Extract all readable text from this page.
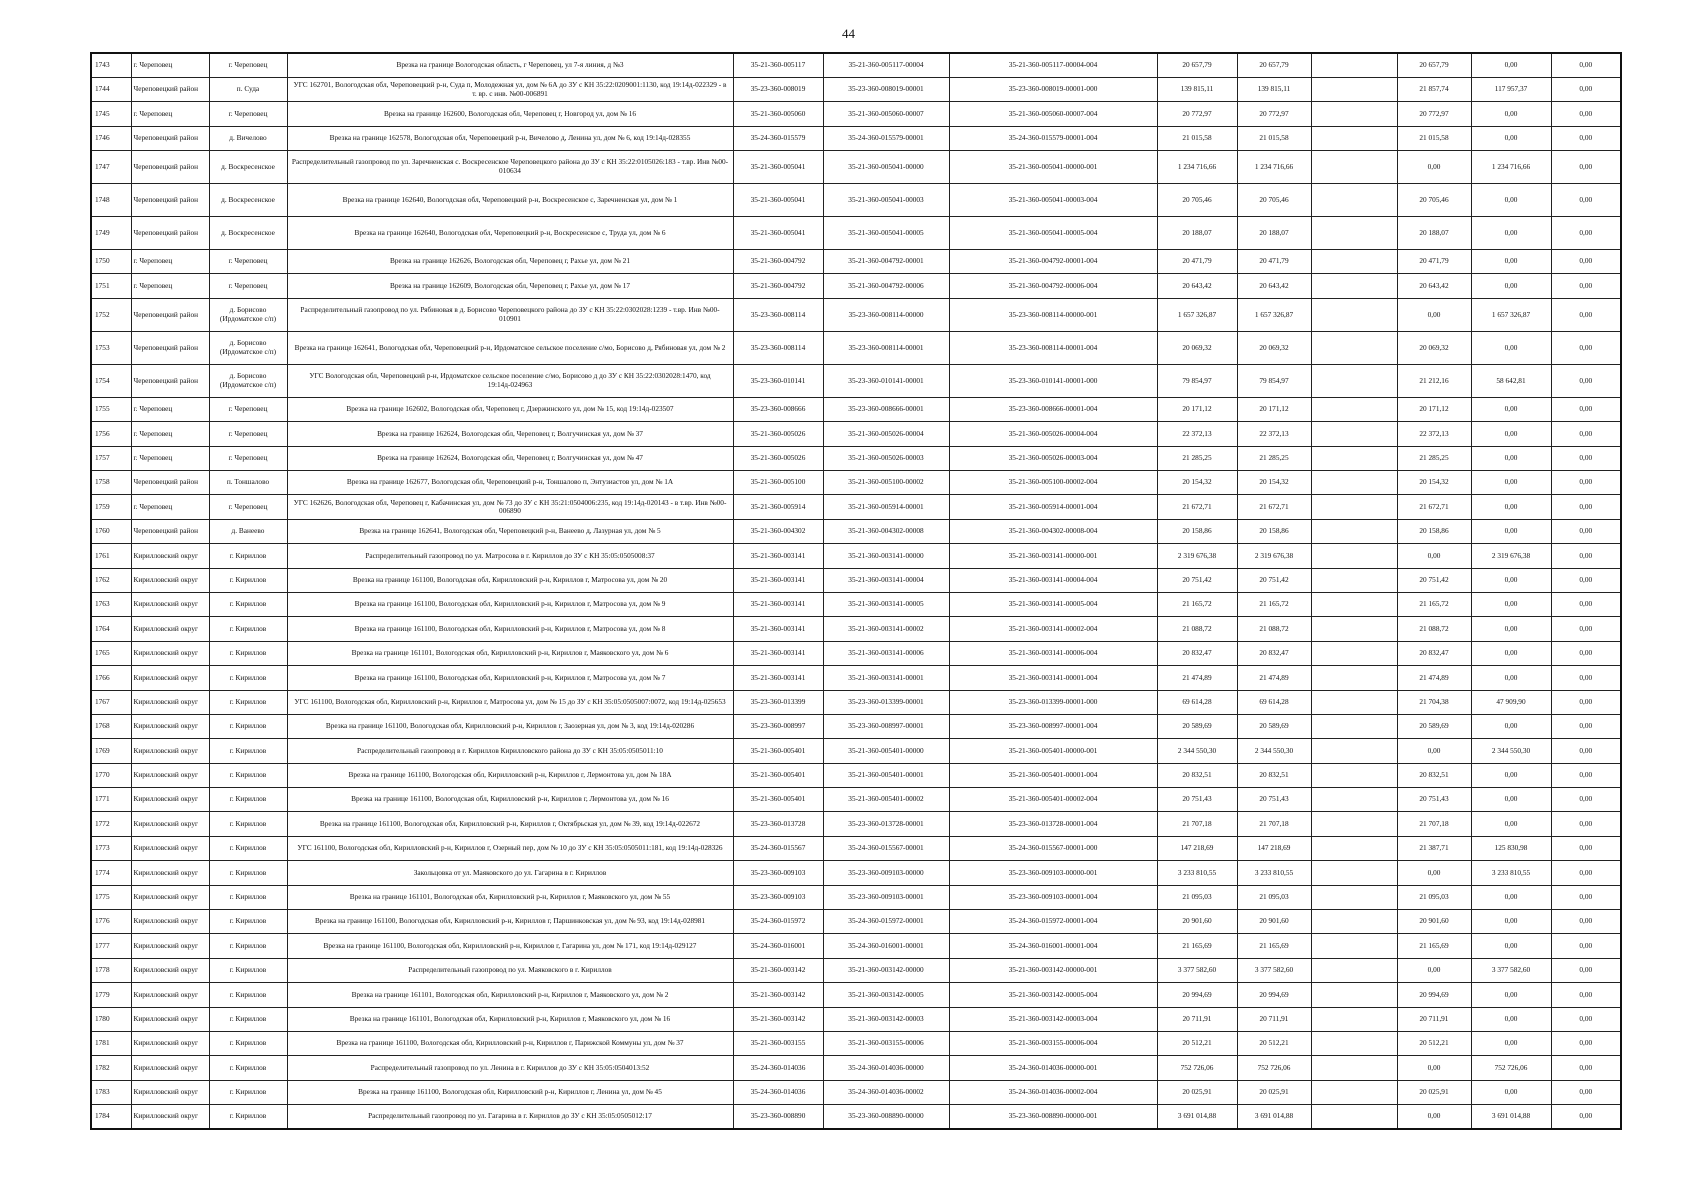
44
1743	г. Череповец	г. Череповец	Врезка на границе Вологодская область, г Череповец, ул 7-я линия, д №3	35-21-360-005117	35-21-360-005117-00004	35-21-360-005117-00004-004	20 657,79	20 657,79		20 657,79	0,00	0,00
1744	Череповецкий район	п. Суда	УГС 162701, Вологодская обл, Череповецкий р-н, Суда п, Молодежная ул, дом № 6А до ЗУ с КН 35:22:0209001:1130, код 19:14д-022329 - в т. вр. с инв. №00-006891	35-23-360-008019	35-23-360-008019-00001	35-23-360-008019-00001-000	139 815,11	139 815,11		21 857,74	117 957,37	0,00
1745	г. Череповец	г. Череповец	Врезка на границе 162600, Вологодская обл, Череповец г, Новгород ул, дом № 16	35-21-360-005060	35-21-360-005060-00007	35-21-360-005060-00007-004	20 772,97	20 772,97		20 772,97	0,00	0,00
1746	Череповецкий район	д. Вичелово	Врезка на границе 162578, Вологодская обл, Череповецкий р-н, Вичелово д, Ленина ул, дом № 6, код 19:14д-028355	35-24-360-015579	35-24-360-015579-00001	35-24-360-015579-00001-004	21 015,58	21 015,58		21 015,58	0,00	0,00
1747	Череповецкий район	д. Воскресенское	Распределительный газопровод по ул. Заречненская с. Воскресенское Череповецкого района до ЗУ с КН 35:22:0105026:183 - т.вр. Инв №00-010634	35-21-360-005041	35-21-360-005041-00000	35-21-360-005041-00000-001	1 234 716,66	1 234 716,66		0,00	1 234 716,66	0,00
1748	Череповецкий район	д. Воскресенское	Врезка на границе 162640, Вологодская обл, Череповецкий р-н, Воскресенское с, Заречненская ул, дом № 1	35-21-360-005041	35-21-360-005041-00003	35-21-360-005041-00003-004	20 705,46	20 705,46		20 705,46	0,00	0,00
1749	Череповецкий район	д. Воскресенское	Врезка на границе 162640, Вологодская обл, Череповецкий р-н, Воскресенское с, Труда ул, дом № 6	35-21-360-005041	35-21-360-005041-00005	35-21-360-005041-00005-004	20 188,07	20 188,07		20 188,07	0,00	0,00
1750	г. Череповец	г. Череповец	Врезка на границе 162626, Вологодская обл, Череповец г, Рахье ул, дом № 21	35-21-360-004792	35-21-360-004792-00001	35-21-360-004792-00001-004	20 471,79	20 471,79		20 471,79	0,00	0,00
1751	г. Череповец	г. Череповец	Врезка на границе 162609, Вологодская обл, Череповец г, Рахье ул, дом № 17	35-21-360-004792	35-21-360-004792-00006	35-21-360-004792-00006-004	20 643,42	20 643,42		20 643,42	0,00	0,00
1752	Череповецкий район	д. Борисово (Ирдоматское с/п)	Распределительный газопровод по ул. Рябиновая в д. Борисово Череповецкого района до ЗУ с КН 35:22:0302028:1239 - т.вр. Инв №00-010901	35-23-360-008114	35-23-360-008114-00000	35-23-360-008114-00000-001	1 657 326,87	1 657 326,87		0,00	1 657 326,87	0,00
1753	Череповецкий район	д. Борисово (Ирдоматское с/п)	Врезка на границе 162641, Вологодская обл, Череповецкий р-н, Ирдоматское сельское поселение с/мо, Борисово д, Рябиновая ул, дом № 2	35-23-360-008114	35-23-360-008114-00001	35-23-360-008114-00001-004	20 069,32	20 069,32		20 069,32	0,00	0,00
1754	Череповецкий район	д. Борисово (Ирдоматское с/п)	УГС Вологодская обл, Череповецкий р-н, Ирдоматское сельское поселение с/мо, Борисово д до ЗУ с КН 35:22:0302028:1470, код 19:14д-024963	35-23-360-010141	35-23-360-010141-00001	35-23-360-010141-00001-000	79 854,97	79 854,97		21 212,16	58 642,81	0,00
1755	г. Череповец	г. Череповец	Врезка на границе 162602, Вологодская обл, Череповец г, Дзержинского ул, дом № 15, код 19:14д-023507	35-23-360-008666	35-23-360-008666-00001	35-23-360-008666-00001-004	20 171,12	20 171,12		20 171,12	0,00	0,00
1756	г. Череповец	г. Череповец	Врезка на границе 162624, Вологодская обл, Череповец г, Волгучинская ул, дом № 37	35-21-360-005026	35-21-360-005026-00004	35-21-360-005026-00004-004	22 372,13	22 372,13		22 372,13	0,00	0,00
1757	г. Череповец	г. Череповец	Врезка на границе 162624, Вологодская обл, Череповец г, Волгучинская ул, дом № 47	35-21-360-005026	35-21-360-005026-00003	35-21-360-005026-00003-004	21 285,25	21 285,25		21 285,25	0,00	0,00
1758	Череповецкий район	п. Тоншалово	Врезка на границе 162677, Вологодская обл, Череповецкий р-н, Тоншалово п, Энтузиастов ул, дом № 1А	35-21-360-005100	35-21-360-005100-00002	35-21-360-005100-00002-004	20 154,32	20 154,32		20 154,32	0,00	0,00
1759	г. Череповец	г. Череповец	УГС 162626, Вологодская обл, Череповец г, Кабачинская ул, дом № 73 до ЗУ с КН 35:21:0504006:235, код 19:14д-020143 - в т.вр. Инв №00-006890	35-21-360-005914	35-21-360-005914-00001	35-21-360-005914-00001-004	21 672,71	21 672,71		21 672,71	0,00	0,00
1760	Череповецкий район	д. Ванеево	Врезка на границе 162641, Вологодская обл, Череповецкий р-н, Ванеево д, Лазурная ул, дом № 5	35-21-360-004302	35-21-360-004302-00008	35-21-360-004302-00008-004	20 158,86	20 158,86		20 158,86	0,00	0,00
1761	Кирилловский округ	г. Кириллов	Распределительный газопровод по ул. Матросова в г. Кириллов до ЗУ с КН 35:05:0505008:37	35-21-360-003141	35-21-360-003141-00000	35-21-360-003141-00000-001	2 319 676,38	2 319 676,38		0,00	2 319 676,38	0,00
1762	Кирилловский округ	г. Кириллов	Врезка на границе 161100, Вологодская обл, Кирилловский р-н, Кириллов г, Матросова ул, дом № 20	35-21-360-003141	35-21-360-003141-00004	35-21-360-003141-00004-004	20 751,42	20 751,42		20 751,42	0,00	0,00
1763	Кирилловский округ	г. Кириллов	Врезка на границе 161100, Вологодская обл, Кирилловский р-н, Кириллов г, Матросова ул, дом № 9	35-21-360-003141	35-21-360-003141-00005	35-21-360-003141-00005-004	21 165,72	21 165,72		21 165,72	0,00	0,00
1764	Кирилловский округ	г. Кириллов	Врезка на границе 161100, Вологодская обл, Кирилловский р-н, Кириллов г, Матросова ул, дом № 8	35-21-360-003141	35-21-360-003141-00002	35-21-360-003141-00002-004	21 088,72	21 088,72		21 088,72	0,00	0,00
1765	Кирилловский округ	г. Кириллов	Врезка на границе 161101, Вологодская обл, Кирилловский р-н, Кириллов г, Маяковского ул, дом № 6	35-21-360-003141	35-21-360-003141-00006	35-21-360-003141-00006-004	20 832,47	20 832,47		20 832,47	0,00	0,00
1766	Кирилловский округ	г. Кириллов	Врезка на границе 161100, Вологодская обл, Кирилловский р-н, Кириллов г, Матросова ул, дом № 7	35-21-360-003141	35-21-360-003141-00001	35-21-360-003141-00001-004	21 474,89	21 474,89		21 474,89	0,00	0,00
1767	Кирилловский округ	г. Кириллов	УГС 161100, Вологодская обл, Кирилловский р-н, Кириллов г, Матросова ул, дом № 15 до ЗУ с КН 35:05:0505007:0072, код 19:14д-025653	35-23-360-013399	35-23-360-013399-00001	35-23-360-013399-00001-000	69 614,28	69 614,28		21 704,38	47 909,90	0,00
1768	Кирилловский округ	г. Кириллов	Врезка на границе 161100, Вологодская обл, Кирилловский р-н, Кириллов г, Заозерная ул, дом № 3, код 19:14д-020286	35-23-360-008997	35-23-360-008997-00001	35-23-360-008997-00001-004	20 589,69	20 589,69		20 589,69	0,00	0,00
1769	Кирилловский округ	г. Кириллов	Распределительный газопровод в г. Кириллов Кирилловского района до ЗУ с КН 35:05:0505011:10	35-21-360-005401	35-21-360-005401-00000	35-21-360-005401-00000-001	2 344 550,30	2 344 550,30		0,00	2 344 550,30	0,00
1770	Кирилловский округ	г. Кириллов	Врезка на границе 161100, Вологодская обл, Кирилловский р-н, Кириллов г, Лермонтова ул, дом № 18А	35-21-360-005401	35-21-360-005401-00001	35-21-360-005401-00001-004	20 832,51	20 832,51		20 832,51	0,00	0,00
1771	Кирилловский округ	г. Кириллов	Врезка на границе 161100, Вологодская обл, Кирилловский р-н, Кириллов г, Лермонтова ул, дом № 16	35-21-360-005401	35-21-360-005401-00002	35-21-360-005401-00002-004	20 751,43	20 751,43		20 751,43	0,00	0,00
1772	Кирилловский округ	г. Кириллов	Врезка на границе 161100, Вологодская обл, Кирилловский р-н, Кириллов г, Октябрьская ул, дом № 39, код 19:14д-022672	35-23-360-013728	35-23-360-013728-00001	35-23-360-013728-00001-004	21 707,18	21 707,18		21 707,18	0,00	0,00
1773	Кирилловский округ	г. Кириллов	УГС 161100, Вологодская обл, Кирилловский р-н, Кириллов г, Озерный пер, дом № 10 до ЗУ с КН 35:05:0505011:181, код 19:14д-028326	35-24-360-015567	35-24-360-015567-00001	35-24-360-015567-00001-000	147 218,69	147 218,69		21 387,71	125 830,98	0,00
1774	Кирилловский округ	г. Кириллов	Закольцовка от ул. Маяковского до ул. Гагарина в г. Кириллов	35-23-360-009103	35-23-360-009103-00000	35-23-360-009103-00000-001	3 233 810,55	3 233 810,55		0,00	3 233 810,55	0,00
1775	Кирилловский округ	г. Кириллов	Врезка на границе 161101, Вологодская обл, Кирилловский р-н, Кириллов г, Маяковского ул, дом № 55	35-23-360-009103	35-23-360-009103-00001	35-23-360-009103-00001-004	21 095,03	21 095,03		21 095,03	0,00	0,00
1776	Кирилловский округ	г. Кириллов	Врезка на границе 161100, Вологодская обл, Кирилловский р-н, Кириллов г, Паршинковская ул, дом № 93, код 19:14д-028981	35-24-360-015972	35-24-360-015972-00001	35-24-360-015972-00001-004	20 901,60	20 901,60		20 901,60	0,00	0,00
1777	Кирилловский округ	г. Кириллов	Врезка на границе 161100, Вологодская обл, Кирилловский р-н, Кириллов г, Гагарина ул, дом № 171, код 19:14д-029127	35-24-360-016001	35-24-360-016001-00001	35-24-360-016001-00001-004	21 165,69	21 165,69		21 165,69	0,00	0,00
1778	Кирилловский округ	г. Кириллов	Распределительный газопровод по ул. Маяковского в г. Кириллов	35-21-360-003142	35-21-360-003142-00000	35-21-360-003142-00000-001	3 377 582,60	3 377 582,60		0,00	3 377 582,60	0,00
1779	Кирилловский округ	г. Кириллов	Врезка на границе 161101, Вологодская обл, Кирилловский р-н, Кириллов г, Маяковского ул, дом № 2	35-21-360-003142	35-21-360-003142-00005	35-21-360-003142-00005-004	20 994,69	20 994,69		20 994,69	0,00	0,00
1780	Кирилловский округ	г. Кириллов	Врезка на границе 161101, Вологодская обл, Кирилловский р-н, Кириллов г, Маяковского ул, дом № 16	35-21-360-003142	35-21-360-003142-00003	35-21-360-003142-00003-004	20 711,91	20 711,91		20 711,91	0,00	0,00
1781	Кирилловский округ	г. Кириллов	Врезка на границе 161100, Вологодская обл, Кирилловский р-н, Кириллов г, Парижской Коммуны ул, дом № 37	35-21-360-003155	35-21-360-003155-00006	35-21-360-003155-00006-004	20 512,21	20 512,21		20 512,21	0,00	0,00
1782	Кирилловский округ	г. Кириллов	Распределительный газопровод по ул. Ленина в г. Кириллов до ЗУ с КН 35:05:0504013:52	35-24-360-014036	35-24-360-014036-00000	35-24-360-014036-00000-001	752 726,06	752 726,06		0,00	752 726,06	0,00
1783	Кирилловский округ	г. Кириллов	Врезка на границе 161100, Вологодская обл, Кирилловский р-н, Кириллов г, Ленина ул, дом № 45	35-24-360-014036	35-24-360-014036-00002	35-24-360-014036-00002-004	20 025,91	20 025,91		20 025,91	0,00	0,00
1784	Кирилловский округ	г. Кириллов	Распределительный газопровод по ул. Гагарина в г. Кириллов до ЗУ с КН 35:05:0505012:17	35-23-360-008890	35-23-360-008890-00000	35-23-360-008890-00000-001	3 691 014,88	3 691 014,88		0,00	3 691 014,88	0,00
